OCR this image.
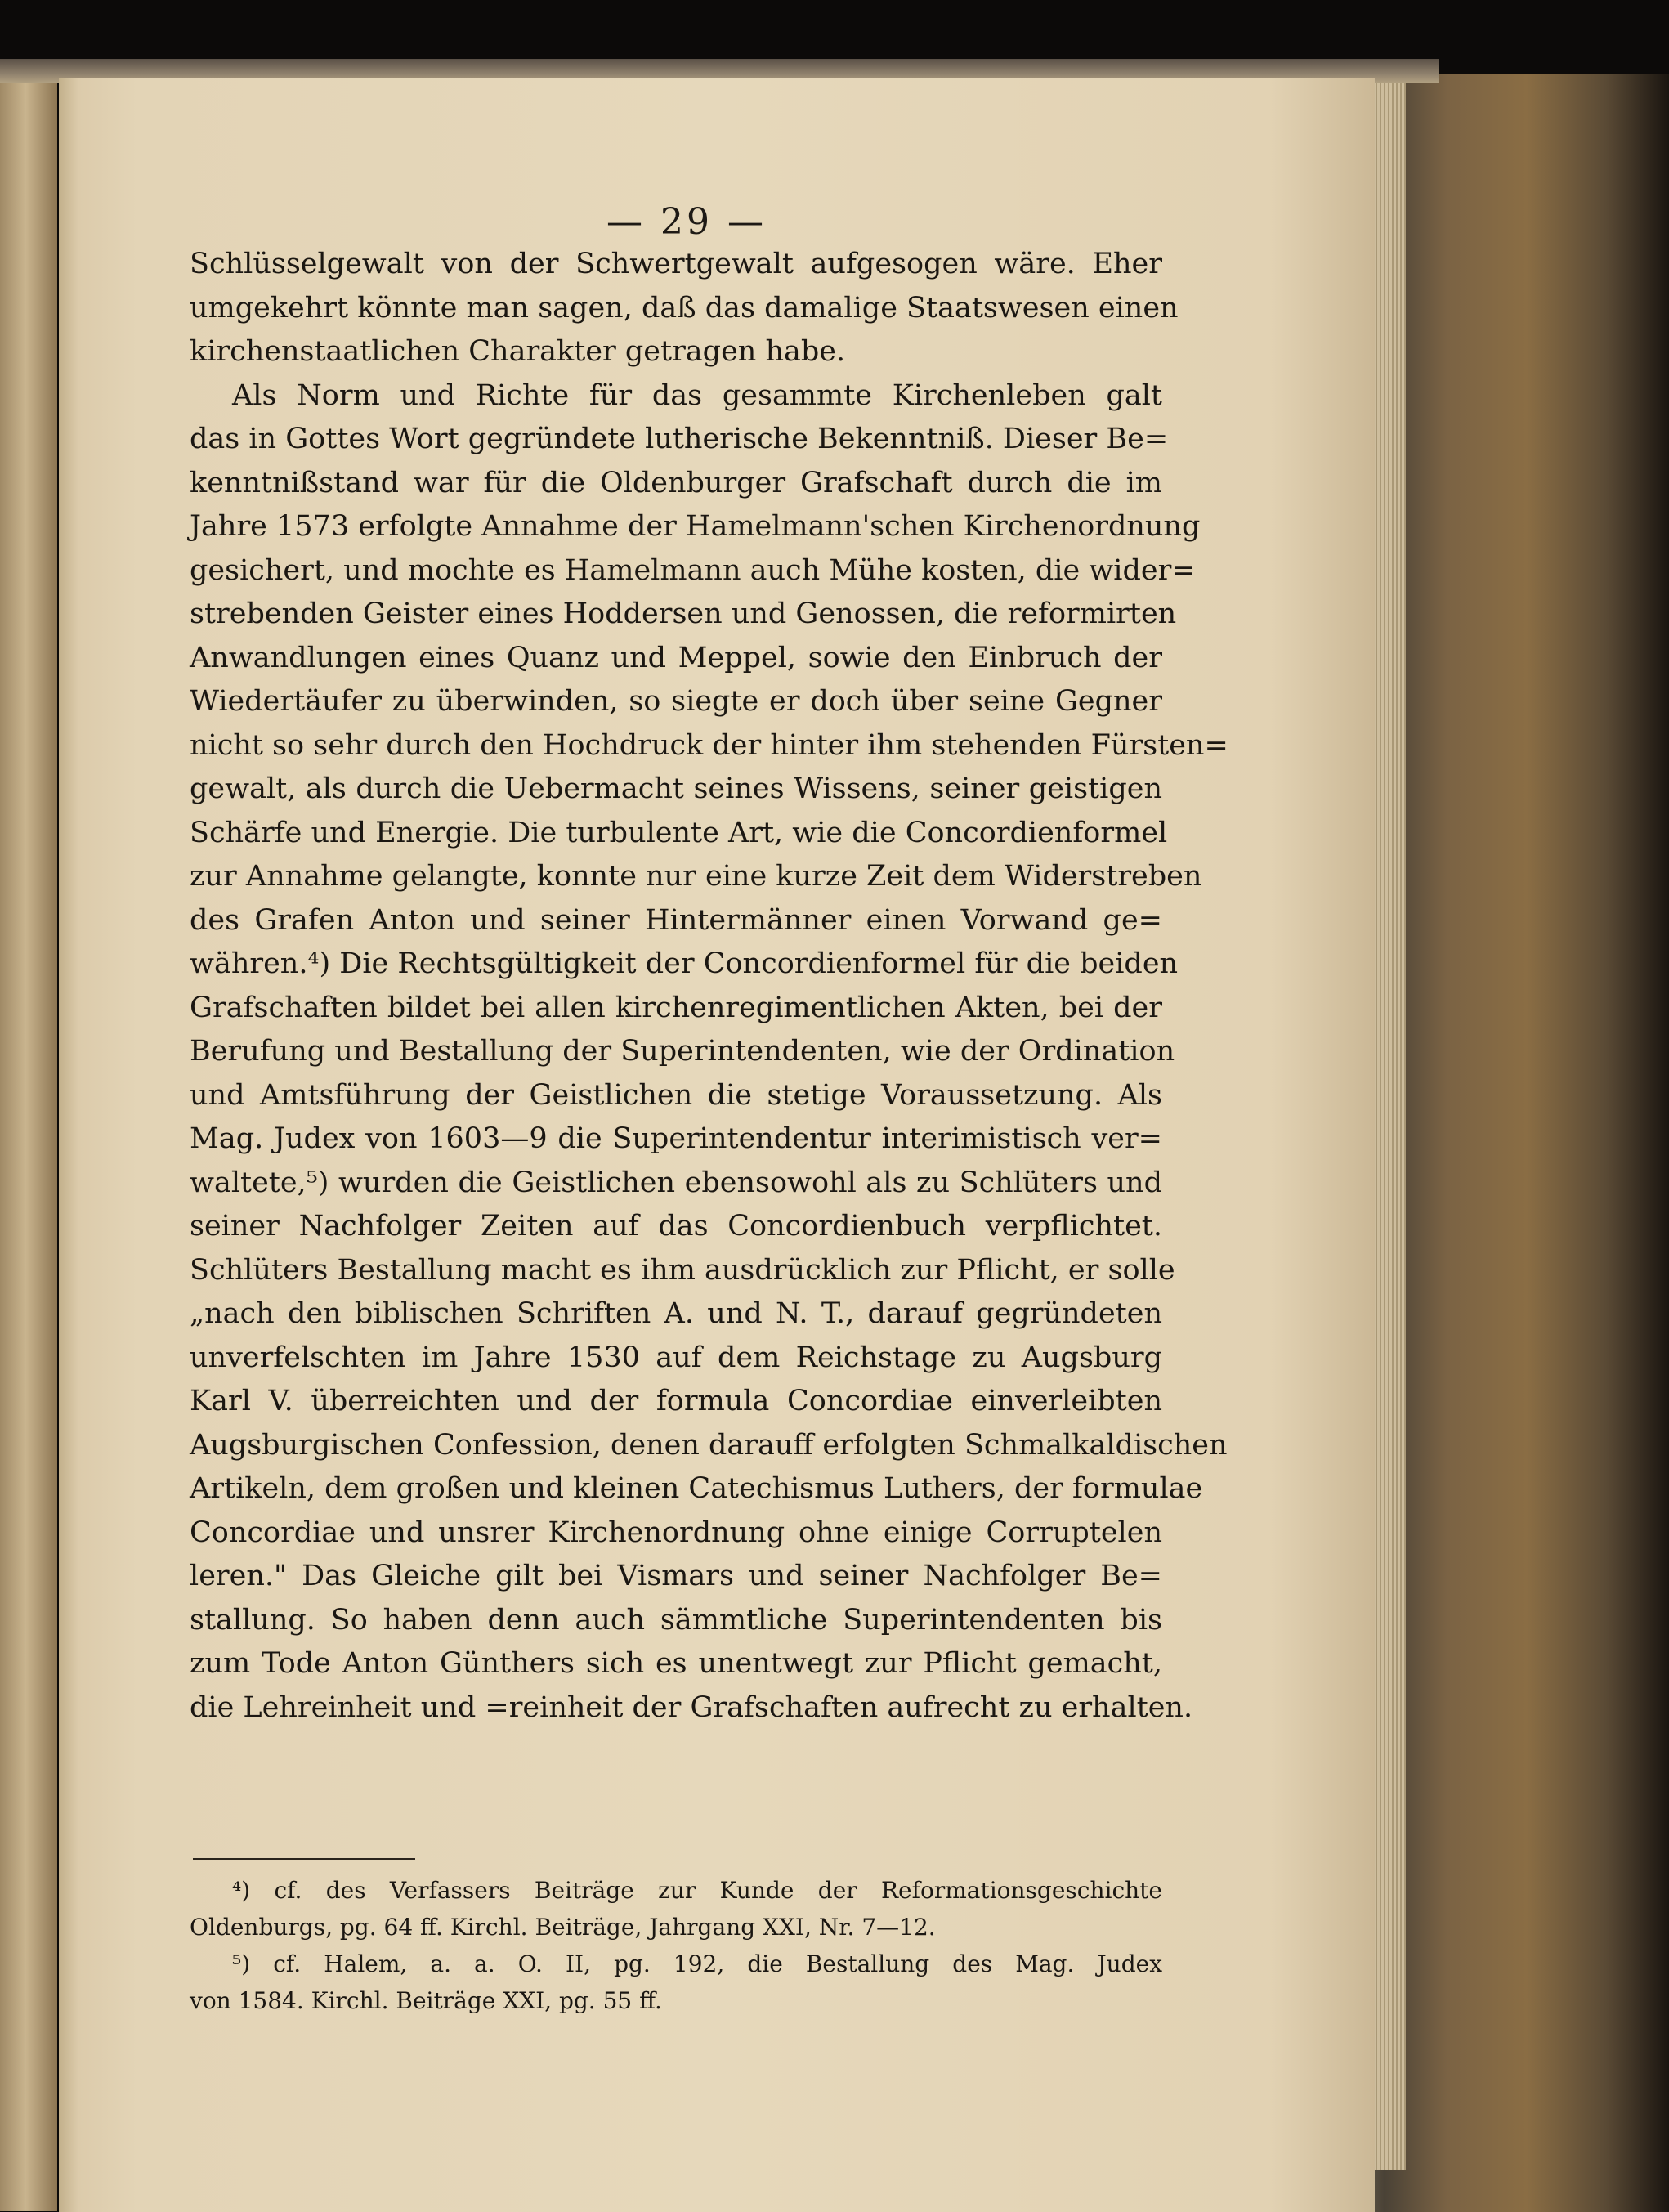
— 29 —
Schlüsselgewalt von der Schwertgewalt aufgesogen wäre. Eher
umgekehrt könnte man sagen, daß das damalige Staatswesen einen
kirchenstaatlichen Charakter getragen habe.
Als Norm und Richte für das gesammte Kirchenleben galt
das in Gottes Wort gegründete lutherische Bekenntniß. Dieser Be=
kenntnißstand war für die Oldenburger Grafschaft durch die im
Jahre 1573 erfolgte Annahme der Hamelmann'schen Kirchenordnung
gesichert, und mochte es Hamelmann auch Mühe kosten, die wider=
strebenden Geister eines Hoddersen und Genossen, die reformirten
Anwandlungen eines Quanz und Meppel, sowie den Einbruch der
Wiedertäufer zu überwinden, so siegte er doch über seine Gegner
nicht so sehr durch den Hochdruck der hinter ihm stehenden Fürsten=
gewalt, als durch die Uebermacht seines Wissens, seiner geistigen
Schärfe und Energie. Die turbulente Art, wie die Concordienformel
zur Annahme gelangte, konnte nur eine kurze Zeit dem Widerstreben
des Grafen Anton und seiner Hintermänner einen Vorwand ge=
währen.⁴) Die Rechtsgültigkeit der Concordienformel für die beiden
Grafschaften bildet bei allen kirchenregimentlichen Akten, bei der
Berufung und Bestallung der Superintendenten, wie der Ordination
und Amtsführung der Geistlichen die stetige Voraussetzung. Als
Mag. Judex von 1603—9 die Superintendentur interimistisch ver=
waltete,⁵) wurden die Geistlichen ebensowohl als zu Schlüters und
seiner Nachfolger Zeiten auf das Concordienbuch verpflichtet.
Schlüters Bestallung macht es ihm ausdrücklich zur Pflicht, er solle
„nach den biblischen Schriften A. und N. T., darauf gegründeten
unverfelschten im Jahre 1530 auf dem Reichstage zu Augsburg
Karl V. überreichten und der formula Concordiae einverleibten
Augsburgischen Confession, denen darauff erfolgten Schmalkaldischen
Artikeln, dem großen und kleinen Catechismus Luthers, der formulae
Concordiae und unsrer Kirchenordnung ohne einige Corruptelen
leren." Das Gleiche gilt bei Vismars und seiner Nachfolger Be=
stallung. So haben denn auch sämmtliche Superintendenten bis
zum Tode Anton Günthers sich es unentwegt zur Pflicht gemacht,
die Lehreinheit und =reinheit der Grafschaften aufrecht zu erhalten.
⁴) cf. des Verfassers Beiträge zur Kunde der Reformationsgeschichte
Oldenburgs, pg. 64 ff. Kirchl. Beiträge, Jahrgang XXI, Nr. 7—12.
⁵) cf. Halem, a. a. O. II, pg. 192, die Bestallung des Mag. Judex
von 1584. Kirchl. Beiträge XXI, pg. 55 ff.
